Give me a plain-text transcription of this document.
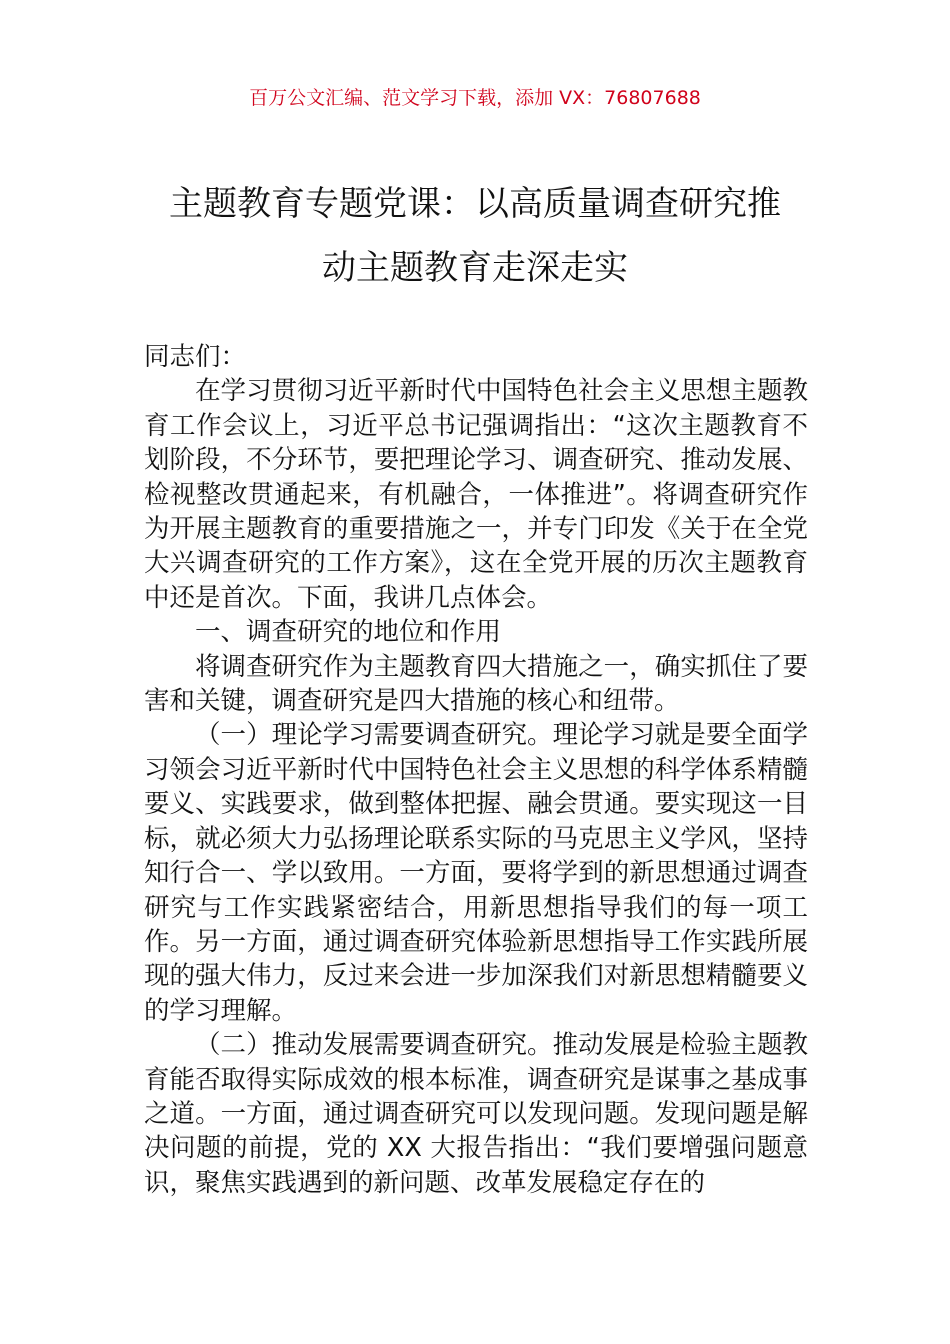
百万公文汇编、范文学习下载，添加 VX：76807688
主题教育专题党课：以高质量调查研究推
动主题教育走深走实

同志们：

在学习贯彻习近平新时代中国特色社会主义思想主题教育工作会议上，习近平总书记强调指出：“这次主题教育不划阶段，不分环节，要把理论学习、调查研究、推动发展、检视整改贯通起来，有机融合，一体推进”。将调查研究作为开展主题教育的重要措施之一，并专门印发《关于在全党大兴调查研究的工作方案》，这在全党开展的历次主题教育中还是首次。下面，我讲几点体会。

一、调查研究的地位和作用

将调查研究作为主题教育四大措施之一，确实抓住了要害和关键，调查研究是四大措施的核心和纽带。

（一）理论学习需要调查研究。理论学习就是要全面学习领会习近平新时代中国特色社会主义思想的科学体系精髓要义、实践要求，做到整体把握、融会贯通。要实现这一目标，就必须大力弘扬理论联系实际的马克思主义学风，坚持知行合一、学以致用。一方面，要将学到的新思想通过调查研究与工作实践紧密结合，用新思想指导我们的每一项工作。另一方面，通过调查研究体验新思想指导工作实践所展现的强大伟力，反过来会进一步加深我们对新思想精髓要义的学习理解。

（二）推动发展需要调查研究。推动发展是检验主题教育能否取得实际成效的根本标准，调查研究是谋事之基成事之道。一方面，通过调查研究可以发现问题。发现问题是解决问题的前提，党的 XX 大报告指出：“我们要增强问题意识，聚焦实践遇到的新问题、改革发展稳定存在的
